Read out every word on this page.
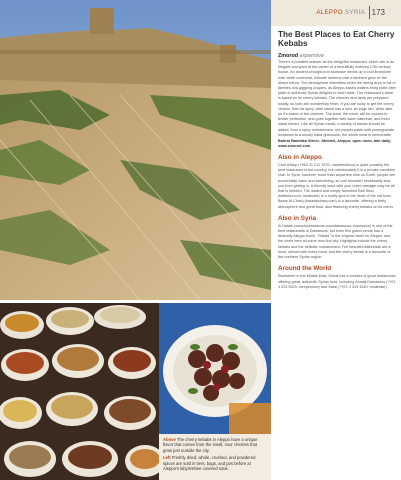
Above The cherry kebabs in Aleppo have a unique flavor that comes from the small, sour cherries that grow just outside the city.

Left Freshly dried, whole, crushed, and powdered spices are sold in tiers, bags, and jars before at Aleppo's labyrinthine covered souk.

ALEPPO SYRIA 173
The Best Places to Eat Cherry Kebabs
Zmorod expensive

There's a possible answer as the delightful restaurant, which sits in an elegant courtyard at the center of a beautifully restored 17th-century house. An ancient wrought-iron staircase climbs up a cool limestone wall, while overhead, intricate lanterns cast a lambent glow on the diners below. The atmosphere intensifies when the dining area is full of families and giggling couples, as Aleppo-based waiters bring plate after plate of authentic Syrian delights to each table. The restaurant's fame is based on its cherry kebabs. The cherries and lamb are prepared locally, so both are wonderfully fresh. If you are lucky to get the cherry version, then its spicy, dark sauce has a sour an edge tart, while later on it's sweet of the cherries. The lamb, the meat, will be cooked to tender perfection, and goes together with warm flatbread, and fresh salad leaves. Like all Syrian meals, a variety of dishes should be added, from a spicy muhammara, red pepper paste with pomegranate molasses to a smoky baba ghanoush, the whole meal is memorable.

Bahrat Bandaka Street, Jdeideh, Aleppo; open noon–late daily; www.zmorod.com
Also in Aleppo

Club d'Alep (+963 21 211 7070; unpretentious) is quite possibly the best restaurant in the country, but unfortunately it is a private members club. In Syria, however, more than anywhere else on Earth, people are proverbially warm and welcoming, so one shouldn't necessarily stop you from getting in. A friendly word with your hotel manager may be all that is needed. The walled and simply furnished Beit Sissi (beitsissi.com; moderate) is a lovely spot in the heart of the old town. Bazar Al-Charq (bazaralcharq.com) is a favourite, offering a lively atmosphere and great food, also featuring cherry kebabs on its menu.

Also in Syria

Al Halabi (www.fourseasons.com/damascus; expensive) is one of the best restaurants in Damascus, but even this grand venue has a distinctly Aleppo touch. "Halabi" is the original name for Aleppo, and the chefs here all come from the city. Highlights include the cherry kebabs and the delicate muhammara. The beautiful flatbreads are a must, served with every meal, and the cherry kebab is a favourite of the northern Syrian region.

Around the World

Elsewhere in the Middle East, Dubai has a number of good restaurants offering great, authentic Syrian food, including Amwaj Damascus (+971 4 223 9823; inexpensive) and Sarai (+971 4 315 4440; moderate).
